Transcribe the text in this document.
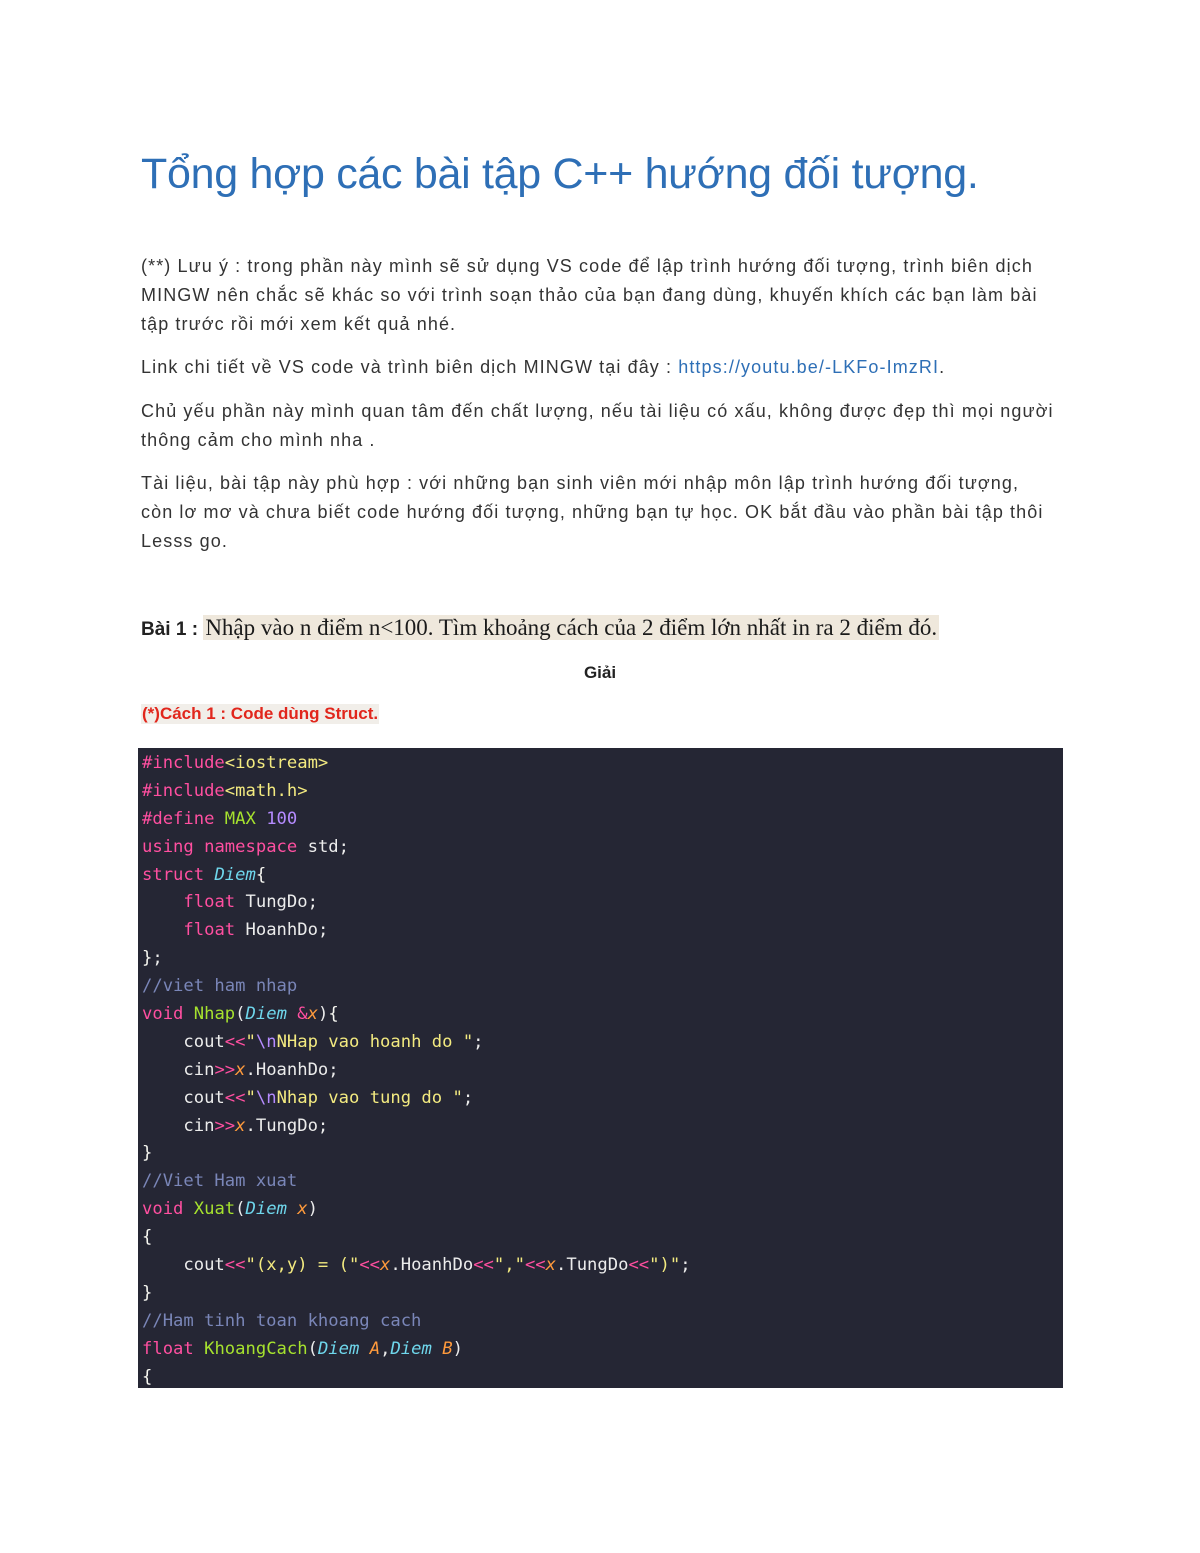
Tổng hợp các bài tập C++ hướng đối tượng.

(**) Lưu ý : trong phần này mình sẽ sử dụng VS code để lập trình hướng đối tượng, trình biên dịch MINGW nên chắc sẽ khác so với trình soạn thảo của bạn đang dùng, khuyến khích các bạn làm bài tập trước rồi mới xem kết quả nhé.

Link chi tiết về VS code và trình biên dịch MINGW tại đây : https://youtu.be/-LKFo-ImzRI.

Chủ yếu phần này mình quan tâm đến chất lượng, nếu tài liệu có xấu, không được đẹp thì mọi người thông cảm cho mình nha .

Tài liệu, bài tập này phù hợp : với những bạn sinh viên mới nhập môn lập trình hướng đối tượng, còn lơ mơ và chưa biết code hướng đối tượng, những bạn tự học. OK bắt đầu vào phần bài tập thôi Lesss go.

Bài 1 : Nhập vào n điểm n<100. Tìm khoảng cách của 2 điểm lớn nhất in ra 2 điểm đó.
Giải
(*)Cách 1 : Code dùng Struct.
#include<iostream>
#include<math.h>
#define MAX 100
using namespace std;
struct Diem{
float TungDo;
float HoanhDo;
};
//viet ham nhap
void Nhap(Diem &x){
cout<<"\nNHap vao hoanh do ";
cin>>x.HoanhDo;
cout<<"\nNhap vao tung do ";
cin>>x.TungDo;
}
//Viet Ham xuat
void Xuat(Diem x)
{
cout<<"(x,y) = ("<<x.HoanhDo<<","<<x.TungDo<<")";
}
//Ham tinh toan khoang cach
float KhoangCach(Diem A,Diem B)
{
